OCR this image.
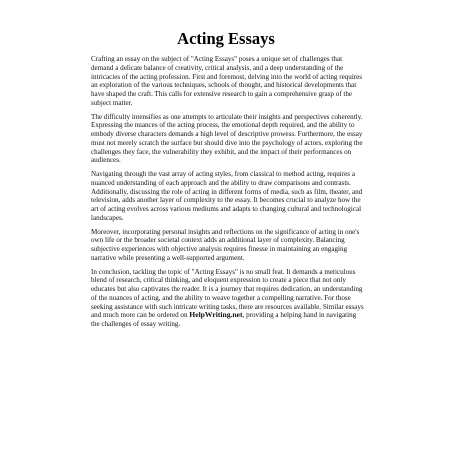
Acting Essays

Crafting an essay on the subject of "Acting Essays" poses a unique set of challenges that demand a delicate balance of creativity, critical analysis, and a deep understanding of the intricacies of the acting profession. First and foremost, delving into the world of acting requires an exploration of the various techniques, schools of thought, and historical developments that have shaped the craft. This calls for extensive research to gain a comprehensive grasp of the subject matter.

The difficulty intensifies as one attempts to articulate their insights and perspectives coherently. Expressing the nuances of the acting process, the emotional depth required, and the ability to embody diverse characters demands a high level of descriptive prowess. Furthermore, the essay must not merely scratch the surface but should dive into the psychology of actors, exploring the challenges they face, the vulnerability they exhibit, and the impact of their performances on audiences.

Navigating through the vast array of acting styles, from classical to method acting, requires a nuanced understanding of each approach and the ability to draw comparisons and contrasts. Additionally, discussing the role of acting in different forms of media, such as film, theater, and television, adds another layer of complexity to the essay. It becomes crucial to analyze how the art of acting evolves across various mediums and adapts to changing cultural and technological landscapes.

Moreover, incorporating personal insights and reflections on the significance of acting in one's own life or the broader societal context adds an additional layer of complexity. Balancing subjective experiences with objective analysis requires finesse in maintaining an engaging narrative while presenting a well-supported argument.

In conclusion, tackling the topic of "Acting Essays" is no small feat. It demands a meticulous blend of research, critical thinking, and eloquent expression to create a piece that not only educates but also captivates the reader. It is a journey that requires dedication, an understanding of the nuances of acting, and the ability to weave together a compelling narrative. For those seeking assistance with such intricate writing tasks, there are resources available. Similar essays and much more can be ordered on HelpWriting.net, providing a helping hand in navigating the challenges of essay writing.
